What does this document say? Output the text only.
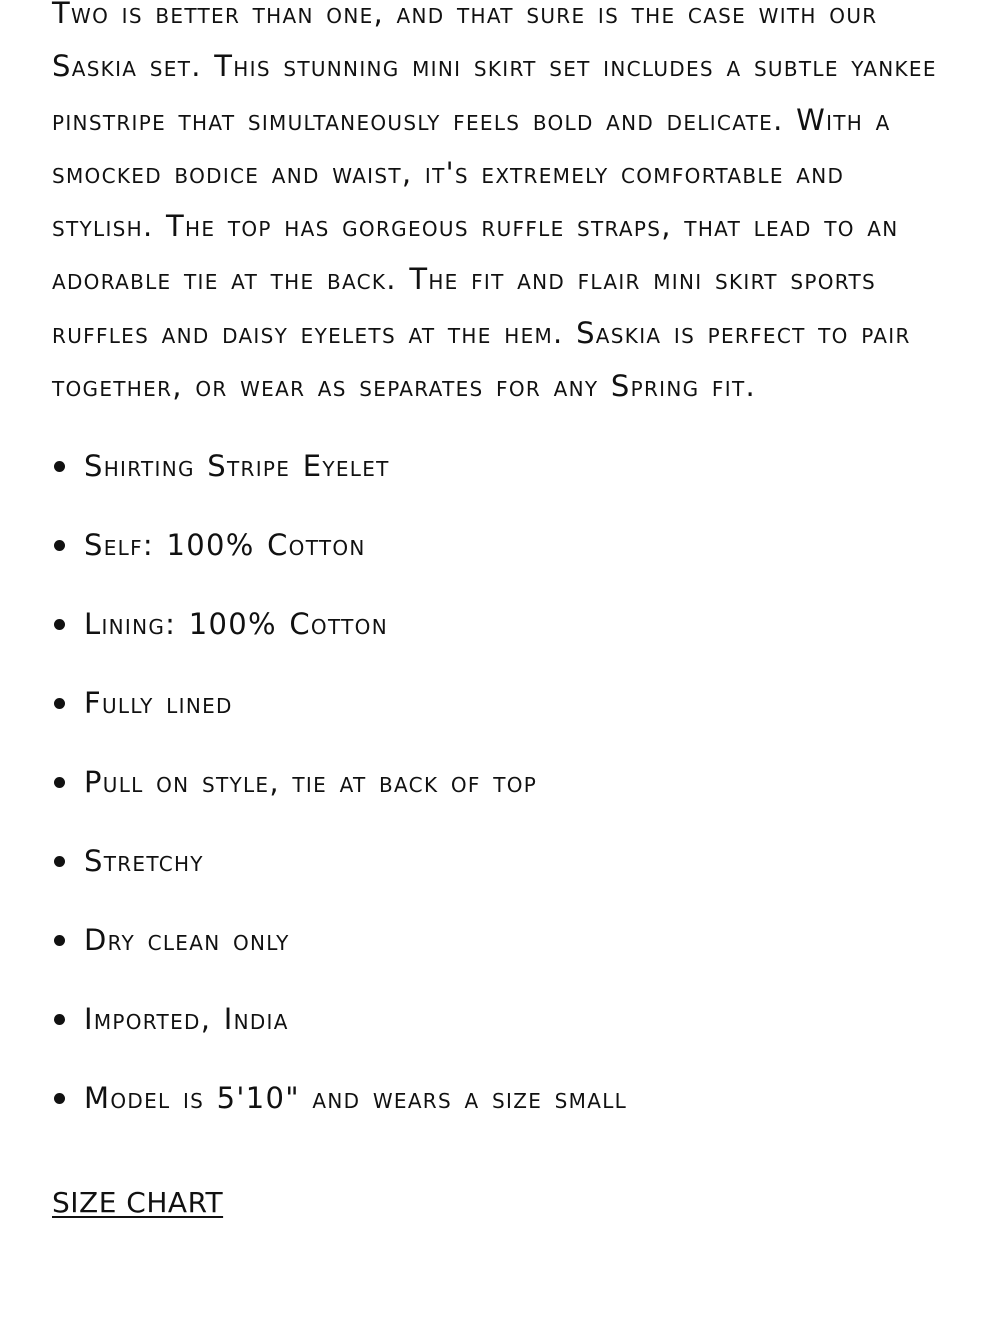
Two is better than one, and that sure is the case with our Saskia set. This stunning mini skirt set includes a subtle yankee pinstripe that simultaneously feels bold and delicate. With a smocked bodice and waist, it's extremely comfortable and stylish. The top has gorgeous ruffle straps, that lead to an adorable tie at the back. The fit and flair mini skirt sports ruffles and daisy eyelets at the hem. Saskia is perfect to pair together, or wear as separates for any Spring fit.

Shirting Stripe Eyelet
Self: 100% Cotton
Lining: 100% Cotton
Fully lined
Pull on style, tie at back of top
Stretchy
Dry clean only
Imported, India
Model is 5'10" and wears a size small
SIZE CHART
